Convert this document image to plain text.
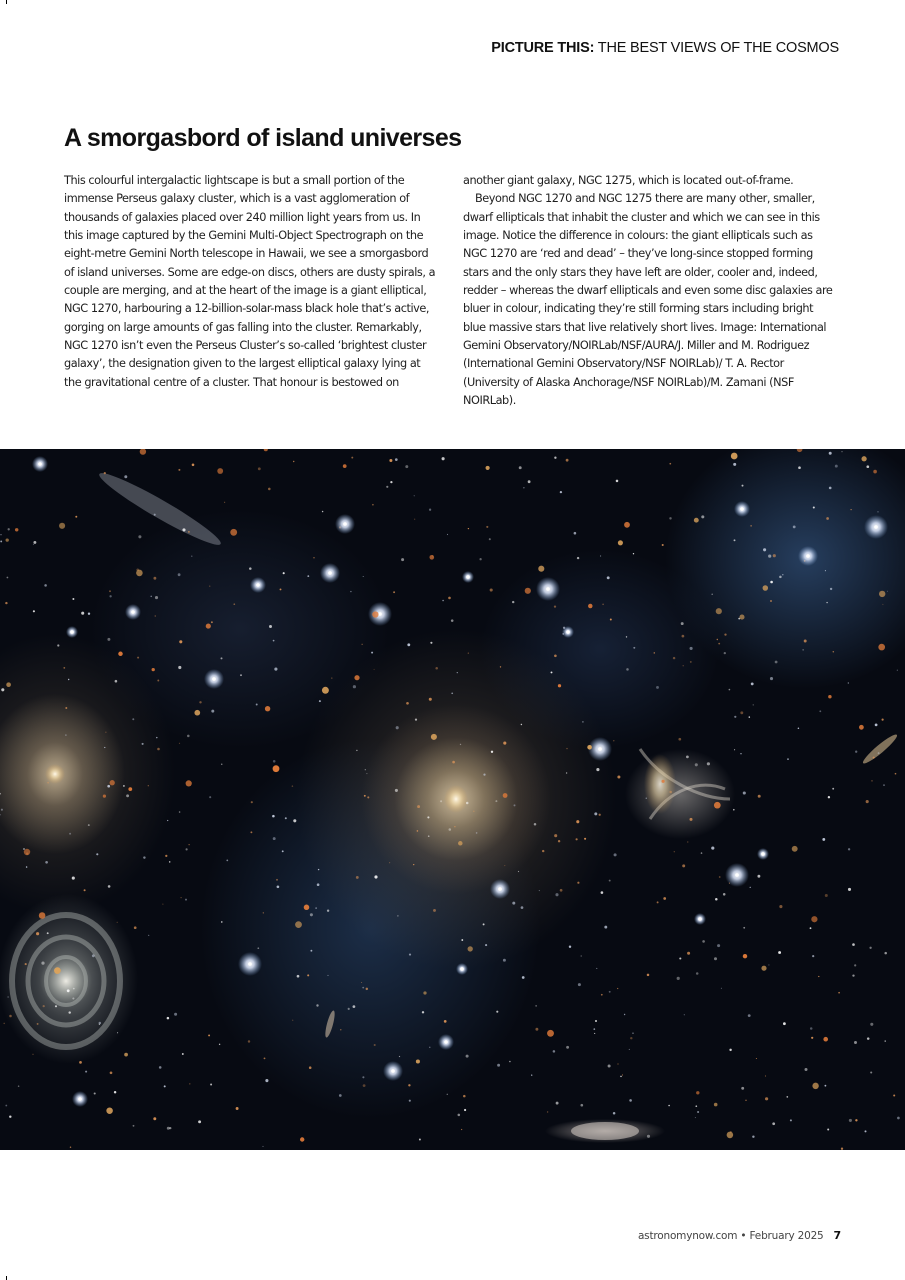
PICTURE THIS: THE BEST VIEWS OF THE COSMOS
A smorgasbord of island universes

This colourful intergalactic lightscape is but a small portion of the immense Perseus galaxy cluster, which is a vast agglomeration of thousands of galaxies placed over 240 million light years from us. In this image captured by the Gemini Multi-Object Spectrograph on the eight-metre Gemini North telescope in Hawaii, we see a smorgasbord of island universes. Some are edge-on discs, others are dusty spirals, a couple are merging, and at the heart of the image is a giant elliptical, NGC 1270, harbouring a 12-billion-solar-mass black hole that’s active, gorging on large amounts of gas falling into the cluster. Remarkably, NGC 1270 isn’t even the Perseus Cluster’s so-called ‘brightest cluster galaxy’, the designation given to the largest elliptical galaxy lying at the gravitational centre of a cluster. That honour is bestowed on

another giant galaxy, NGC 1275, which is located out-of-frame.

Beyond NGC 1270 and NGC 1275 there are many other, smaller, dwarf ellipticals that inhabit the cluster and which we can see in this image. Notice the difference in colours: the giant ellipticals such as NGC 1270 are ‘red and dead’ – they’ve long-since stopped forming stars and the only stars they have left are older, cooler and, indeed, redder – whereas the dwarf ellipticals and even some disc galaxies are bluer in colour, indicating they’re still forming stars including bright blue massive stars that live relatively short lives. Image: International Gemini Observatory/NOIRLab/NSF/AURA/J. Miller and M. Rodriguez (International Gemini Observatory/NSF NOIRLab)/ T. A. Rector (University of Alaska Anchorage/NSF NOIRLab)/M. Zamani (NSF NOIRLab).

astronomynow.com • February 2025 7
